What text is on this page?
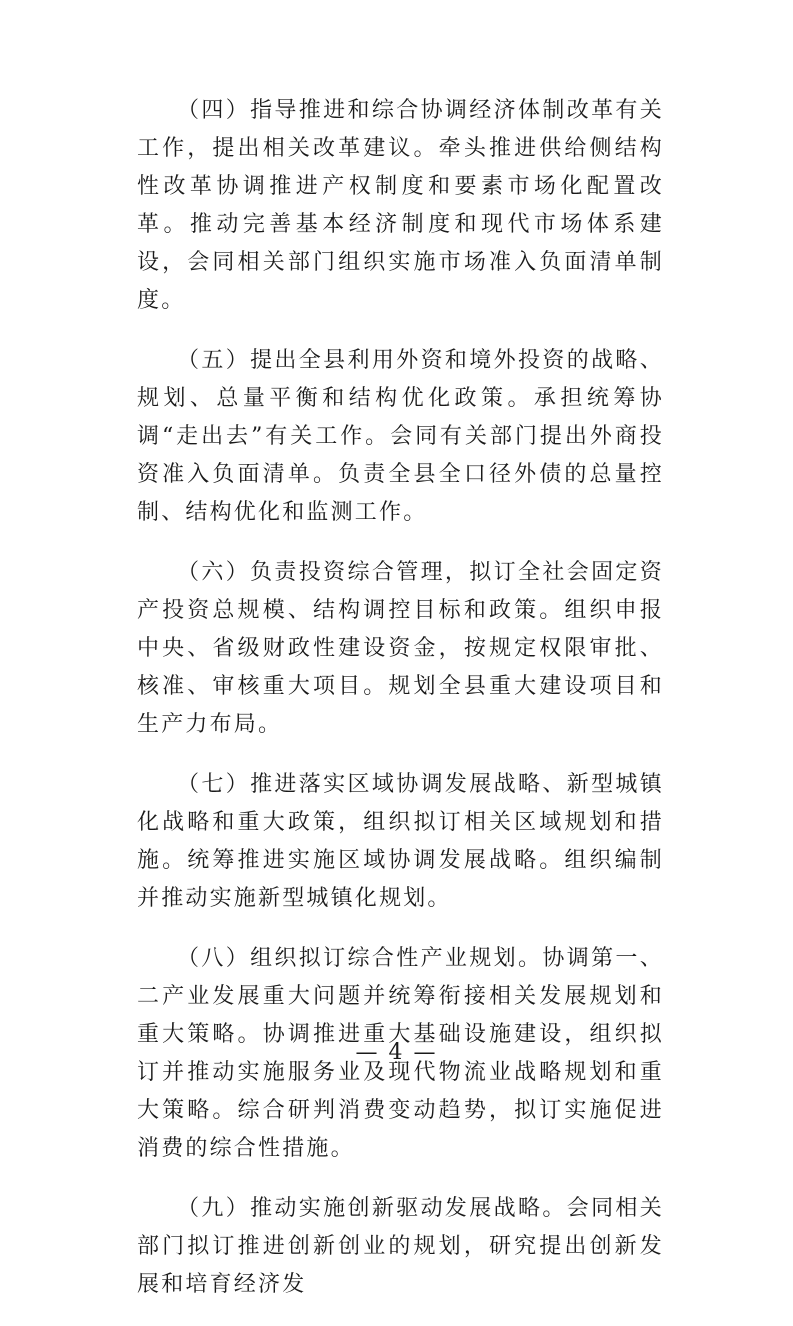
（四）指导推进和综合协调经济体制改革有关工作，提出相关改革建议。牵头推进供给侧结构性改革协调推进产权制度和要素市场化配置改革。推动完善基本经济制度和现代市场体系建设，会同相关部门组织实施市场准入负面清单制度。

（五）提出全县利用外资和境外投资的战略、规划、总量平衡和结构优化政策。承担统筹协调“走出去”有关工作。会同有关部门提出外商投资准入负面清单。负责全县全口径外债的总量控制、结构优化和监测工作。

（六）负责投资综合管理，拟订全社会固定资产投资总规模、结构调控目标和政策。组织申报中央、省级财政性建设资金，按规定权限审批、核准、审核重大项目。规划全县重大建设项目和生产力布局。

（七）推进落实区域协调发展战略、新型城镇化战略和重大政策，组织拟订相关区域规划和措施。统筹推进实施区域协调发展战略。组织编制并推动实施新型城镇化规划。

（八）组织拟订综合性产业规划。协调第一、二产业发展重大问题并统筹衔接相关发展规划和重大策略。协调推进重大基础设施建设，组织拟订并推动实施服务业及现代物流业战略规划和重大策略。综合研判消费变动趋势，拟订实施促进消费的综合性措施。

（九）推动实施创新驱动发展战略。会同相关部门拟订推进创新创业的规划，研究提出创新发展和培育经济发

— 4 —
